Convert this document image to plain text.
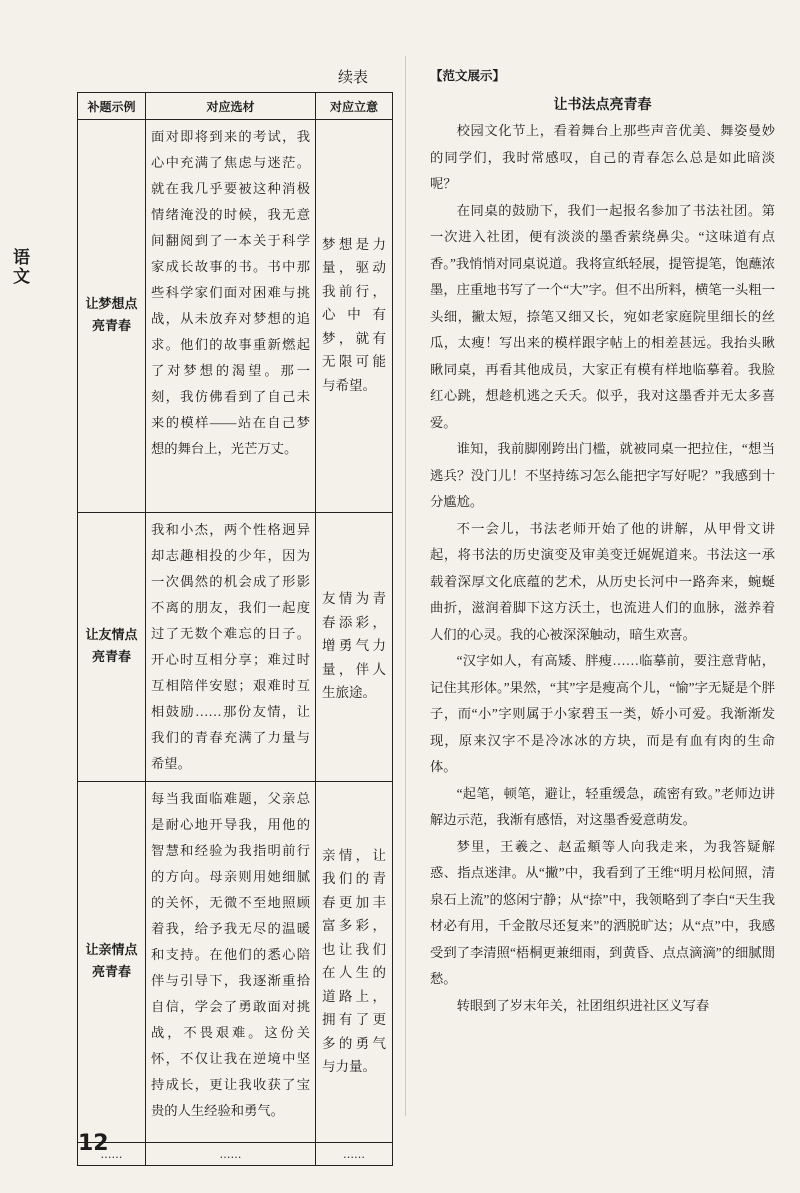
语文
续表
补题示例	对应选材	对应立意
让梦想点亮青春	面对即将到来的考试，我心中充满了焦虑与迷茫。就在我几乎要被这种消极情绪淹没的时候，我无意间翻阅到了一本关于科学家成长故事的书。书中那些科学家们面对困难与挑战，从未放弃对梦想的追求。他们的故事重新燃起了对梦想的渴望。那一刻，我仿佛看到了自己未来的模样——站在自己梦想的舞台上，光芒万丈。	梦想是力量，驱动我前行，心中有梦，就有无限可能与希望。
让友情点亮青春	我和小杰，两个性格迥异却志趣相投的少年，因为一次偶然的机会成了形影不离的朋友，我们一起度过了无数个难忘的日子。开心时互相分享；难过时互相陪伴安慰；艰难时互相鼓励……那份友情，让我们的青春充满了力量与希望。	友情为青春添彩，增勇气力量，伴人生旅途。
让亲情点亮青春	每当我面临难题，父亲总是耐心地开导我，用他的智慧和经验为我指明前行的方向。母亲则用她细腻的关怀，无微不至地照顾着我，给予我无尽的温暖和支持。在他们的悉心陪伴与引导下，我逐渐重拾自信，学会了勇敢面对挑战，不畏艰难。这份关怀，不仅让我在逆境中坚持成长，更让我收获了宝贵的人生经验和勇气。	亲情，让我们的青春更加丰富多彩，也让我们在人生的道路上，拥有了更多的勇气与力量。
……	……	……
【范文展示】
让书法点亮青春

校园文化节上，看着舞台上那些声音优美、舞姿曼妙的同学们，我时常感叹，自己的青春怎么总是如此暗淡呢？

在同桌的鼓励下，我们一起报名参加了书法社团。第一次进入社团，便有淡淡的墨香萦绕鼻尖。“这味道有点香。”我悄悄对同桌说道。我将宣纸轻展，提管提笔，饱蘸浓墨，庄重地书写了一个“大”字。但不出所料，横笔一头粗一头细，撇太短，捺笔又细又长，宛如老家庭院里细长的丝瓜，太瘦！写出来的模样跟字帖上的相差甚远。我抬头瞅瞅同桌，再看其他成员，大家正有模有样地临摹着。我脸红心跳，想趁机逃之夭夭。似乎，我对这墨香并无太多喜爱。

谁知，我前脚刚跨出门槛，就被同桌一把拉住，“想当逃兵？没门儿！不坚持练习怎么能把字写好呢？”我感到十分尴尬。

不一会儿，书法老师开始了他的讲解，从甲骨文讲起，将书法的历史演变及审美变迁娓娓道来。书法这一承载着深厚文化底蕴的艺术，从历史长河中一路奔来，蜿蜒曲折，滋润着脚下这方沃土，也流进人们的血脉，滋养着人们的心灵。我的心被深深触动，暗生欢喜。

“汉字如人，有高矮、胖瘦……临摹前，要注意背帖，记住其形体。”果然，“其”字是瘦高个儿，“愉”字无疑是个胖子，而“小”字则属于小家碧玉一类，娇小可爱。我渐渐发现，原来汉字不是冷冰冰的方块，而是有血有肉的生命体。

“起笔，顿笔，避让，轻重缓急，疏密有致。”老师边讲解边示范，我渐有感悟，对这墨香爱意萌发。

梦里，王羲之、赵孟頫等人向我走来，为我答疑解惑、指点迷津。从“撇”中，我看到了王维“明月松间照，清泉石上流”的悠闲宁静；从“捺”中，我领略到了李白“天生我材必有用，千金散尽还复来”的洒脱旷达；从“点”中，我感受到了李清照“梧桐更兼细雨，到黄昏、点点滴滴”的细腻閒愁。

转眼到了岁末年关，社团组织进社区义写春

12
